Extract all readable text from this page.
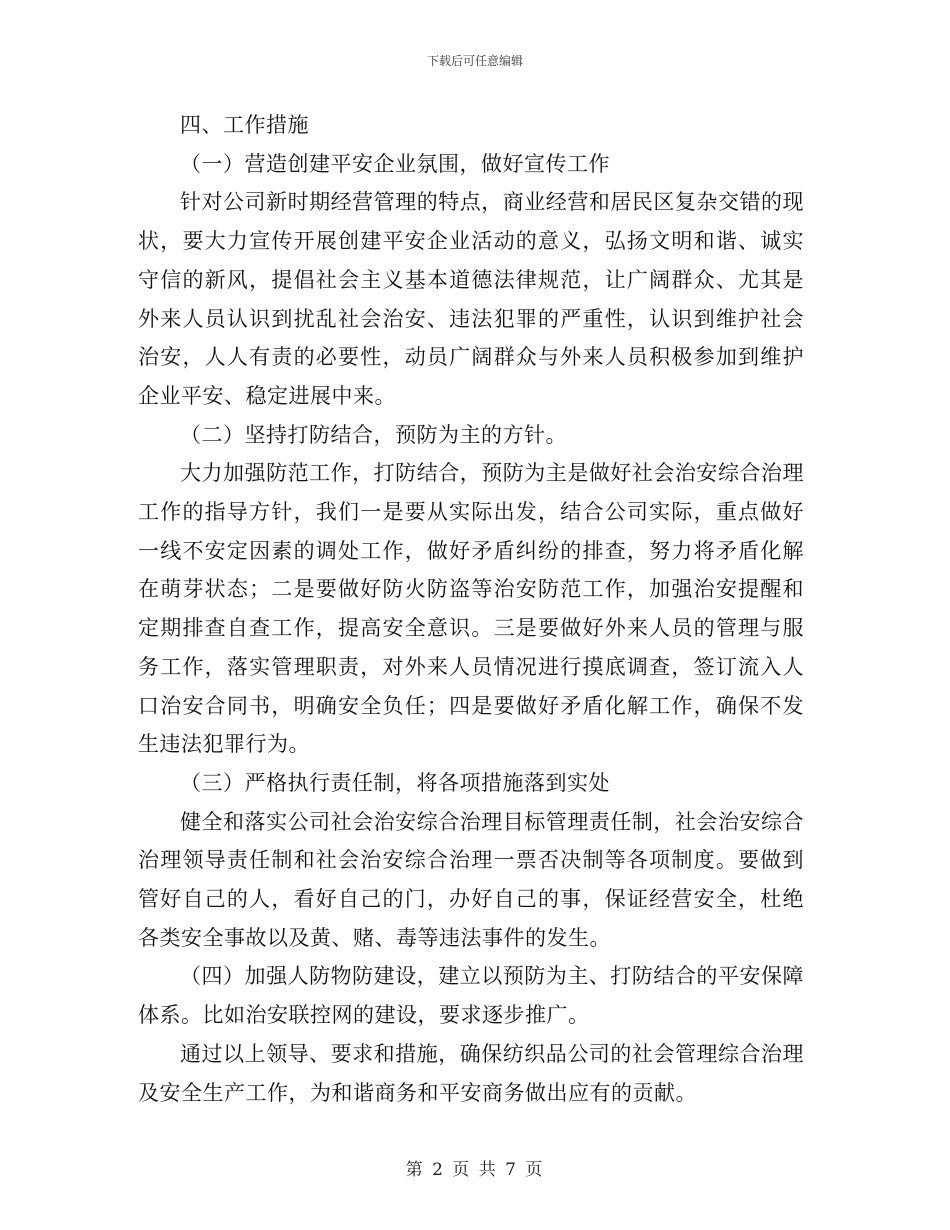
下载后可任意编辑

四、工作措施

（一）营造创建平安企业氛围，做好宣传工作

针对公司新时期经营管理的特点，商业经营和居民区复杂交错的现状，要大力宣传开展创建平安企业活动的意义，弘扬文明和谐、诚实守信的新风，提倡社会主义基本道德法律规范，让广阔群众、尤其是外来人员认识到扰乱社会治安、违法犯罪的严重性，认识到维护社会治安，人人有责的必要性，动员广阔群众与外来人员积极参加到维护企业平安、稳定进展中来。

（二）坚持打防结合，预防为主的方针。

大力加强防范工作，打防结合，预防为主是做好社会治安综合治理工作的指导方针，我们一是要从实际出发，结合公司实际，重点做好一线不安定因素的调处工作，做好矛盾纠纷的排查，努力将矛盾化解在萌芽状态；二是要做好防火防盗等治安防范工作，加强治安提醒和定期排查自查工作，提高安全意识。三是要做好外来人员的管理与服务工作，落实管理职责，对外来人员情况进行摸底调查，签订流入人口治安合同书，明确安全负任；四是要做好矛盾化解工作，确保不发生违法犯罪行为。

（三）严格执行责任制，将各项措施落到实处

健全和落实公司社会治安综合治理目标管理责任制，社会治安综合治理领导责任制和社会治安综合治理一票否决制等各项制度。要做到管好自己的人，看好自己的门，办好自己的事，保证经营安全，杜绝各类安全事故以及黄、赌、毒等违法事件的发生。

（四）加强人防物防建设，建立以预防为主、打防结合的平安保障体系。比如治安联控网的建设，要求逐步推广。

通过以上领导、要求和措施，确保纺织品公司的社会管理综合治理及安全生产工作，为和谐商务和平安商务做出应有的贡献。

第 2 页 共 7 页
